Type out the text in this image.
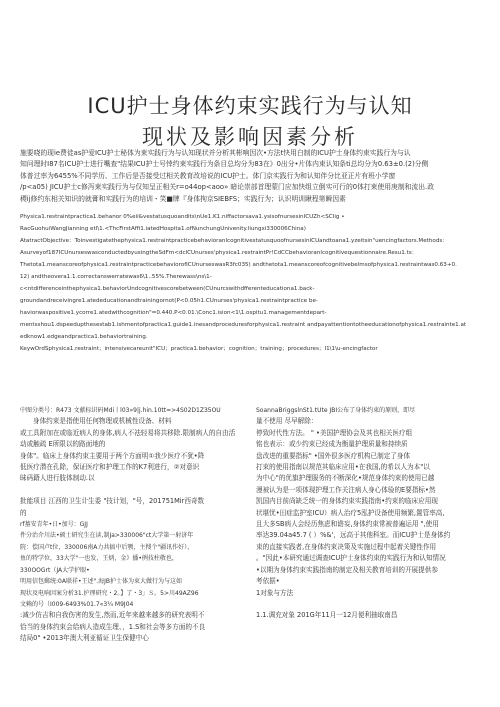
ICU护士身体约束实践行为与认知
现状及影响因素分析
施要哓的现ie费徒as护爱ICU护士秘体为束实践行为与认知现状并分析其彬响因次•方法t快用白制的ICU护士身体约束实践行为与认
知问理时I87名ICU护士进行嘴查"结果ICU护士号悻约束实践行为条目总均分为83在》0出分•片体内束认知条ti总均分为0.63±0.(2)分侧
体普过率为6455%不同学历、工作后是否接受过相关教育改培说的ICU护士。体门京实践行为和认知伴分比亚正片有班小学窗
/p<a05) JICU护士c修泻束实践行为与仅知呈正相关r=o44op<aoo» 暗论崇部首理蒙门应加快组立倒实可行的0体打束使用庚制和流出.政
稷ij修约东相关知识的就膏和实践行为的培训・笑■牌『身体拘京SIEBFS；实践行为；认识明训瞅程第瞬因素
Physica1.restraintpractica1.behanor 0%eii&vestatusquoandits\nUe1.K1.niffactorsava1.ysisofnursesinICUZh<SCIig •
RacGuohuiWangJianning etl\1.<ThcFirstAffi1.iatedHospita1.ofNunchungUnivenity.liungxi330006China)
AtatractObjective：Toinvestigatethephysica1.restraintpracticebehavioranlcognitivestatusquoofnursesinICUandtoana1.yzeitsin"uencingfactors.Methods：
Asurveyof187ICUnurseswasconductedbyusingtheSdFm<dclCUnurses'physica1.restraintPr!CdCCbehavioranlcognitivequestionnaire.Resu1.ts：
Thetota1.meanscoreofphysica1.restraintpracticebehaviorofICUnurseswasR3fc035) andthetota1.meanscoreofcognitivebelmsofphysica1.restraintwas0.63+0.
12) andtheovera1.1.correctanswerratewas6\1..55%.Therewass\ns\1-
c<ntdifferenceinthephysica1.behaviorUndcognitivescorebetween(CUnurcswithdfferenteducationa1.back-
groundandreceivingre1.atededucationandtrainingornot(P<0.05h1.CUnurses'physica1.restraintpractice be-
haviorwaspositive1.ycorre1.atedwithcognition"=0.440.P<0.01.\Conc1.ision<1\1.ospitu1.managementdepart-
mentsshou1.dspeedupthesestab1.ishmentofpractica1.guide1.inesandproceduresforphysica1.restraint andpayattentiontotheeducationofphysica1.restrainte1.at
edknow1.edgeandpractica1.behaviortraining.
KeywOrdSphysica1.restraint；intensivecareunit"ICU；practica1.behavior；cognition；training；procedures；I1\1\u-encingfactor
中图分类号：R473 文献标识码Mdi丨l03»9|j.hin.10tt=>4S02D1Z35OU
身体约束是指使用任何物理或机械性设备、材料
或工具附加在或临近病人的身体,病人不祛轻易将共移除.限制病人的自由活
动或触疏 E所限以的路面地的
身体"。临床上身体约束主要用于两个方面明①我少医疗不犹•降
低医疗潜在孔除，保证医疗和护理工作的K7利进行，②对意识
昧码籍人进行肢体制动.以

批能项目 江西的卫生计生委 "技计划，"号，201751Mir西奇数
的
rf墓安青年•日•加号：GJJ
件分治介川法•硕士研究生在读,制Ja>330006"ct大学第一射济年
院：偿国卢t位，330006南A力共搞中后颚，主搜个"疆讯作好）、
鱼的特学位，33大学"一也发，王炳，金》播•例技柱敬也，
330OOGrt（JA大学护眼•
明用信包郵统:0A联祥•王述".海JB护士体为束大做行为与这如
现状及电响因案分析31.护理研究・2。】了・3」Ｓ。5>川49AZ96
文赖的号（I009-6493%01.7«3¼ M9J04
:减少仿吉和自我伤害的发生,然而,近年来越来越多的研究表明不
恰当的身体约束会给病人造成生理、，1.S和社会等多方面的不良
结局0" •2013年澳大利亚循证卫生保健中心
SoannaBriggslnSt1.tUte JBI公布了身体约束的原则，即尽
量不使用 尽早解除：
停致时代性方法。 " •美国护理协会及其也相关医疗组
铭也表示：或少约束已经成为衡量护理质量和持续质
盘改进的重要指标" •国外很多医疗机构已制定了身体
打束的使用指南以规范其临床应用•在我国,的希以人为本"以
为中心"的优旗护理服务的不断深化•规范身体约束的使用已越
漫被认为是一项体现护理工作关注病人身心体验的E要指标•然
凯国内目前尚缺乏统一的身体约束实践指南•约束的临床应用现
状堪忧•田症监护室ICU）病人治疗5泓护设备使用频繁,置管率高,
且大多SB病人会经历焦虑和谵妄,身体约束常被普遍运用 ",使用
率达39.04a45.7 ( ）%&'，远高于其他科室。而ICU护士是身体约
束的直接实践者,在身体约束决策及实施过程中起着关键性作用
。"因此•本研究通过调查ICU护士身体约束的实践行为和认知情况
•以期为身体约束实践指南的制定及相关教育培训的开展提供参
考依据•
1对象与方法

1.1.调充对象 201G年11月一12月便利抽取南昌
